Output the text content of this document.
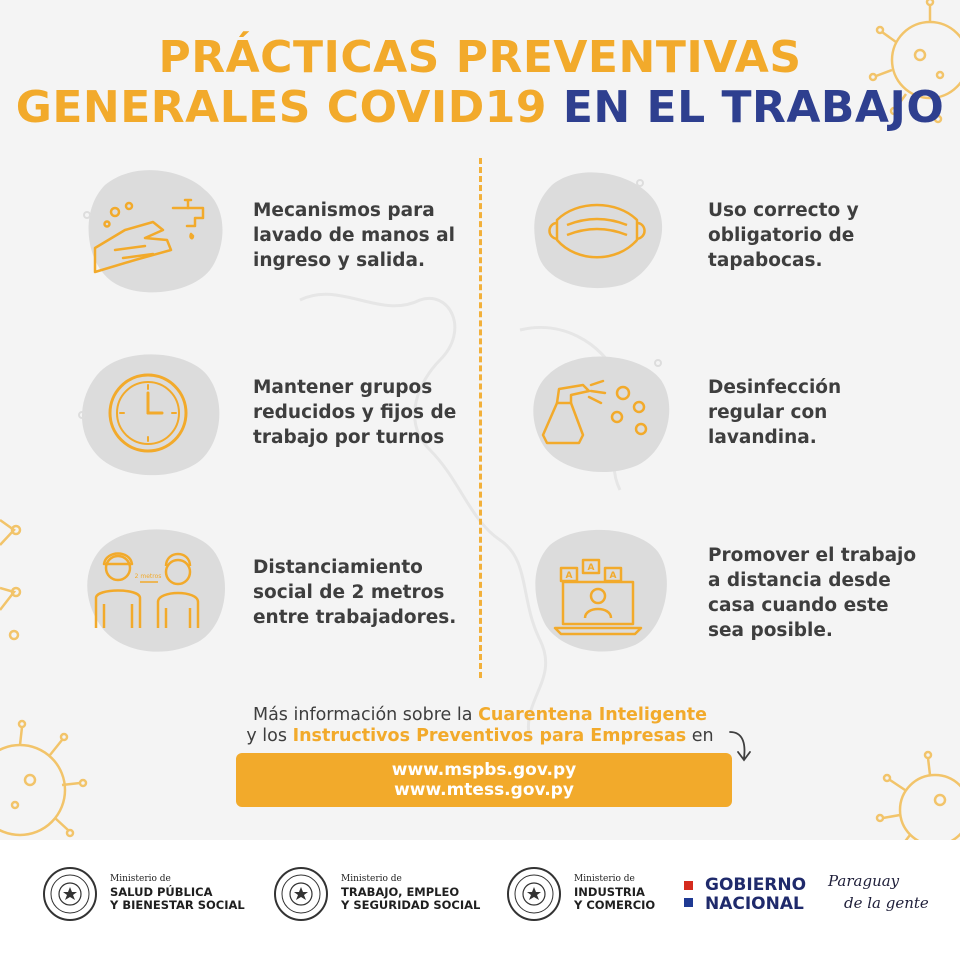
PRÁCTICAS PREVENTIVAS
GENERALES COVID19 EN EL TRABAJO
Mecanismos para
lavado de manos al
ingreso y salida.
Uso correcto y
obligatorio de
tapabocas.
Mantener grupos
reducidos y fijos de
trabajo por turnos
Desinfección
regular con
lavandina.
2 metros	Distanciamiento
social de 2 metros
entre trabajadores.
A
A
A
Promover el trabajo
a distancia desde
casa cuando este
sea posible.
Más información sobre la Cuarentena Inteligente
y los Instructivos Preventivos para Empresas en
www.mspbs.gov.py
www.mtess.gov.py
Ministerio de
SALUD PÚBLICA
Y BIENESTAR SOCIAL
Ministerio de
TRABAJO, EMPLEO
Y SEGURIDAD SOCIAL
Ministerio de
INDUSTRIA
Y COMERCIO
GOBIERNO
NACIONAL
Paraguay
de la gente
